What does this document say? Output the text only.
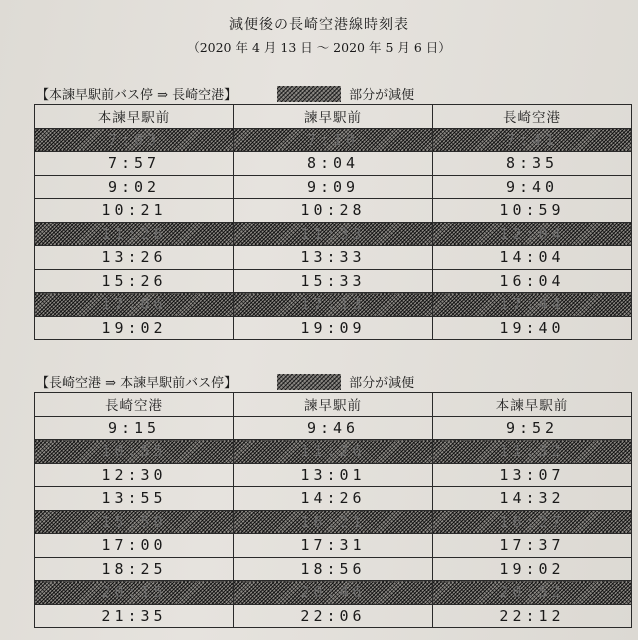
減便後の長崎空港線時刻表
（2020 年 4 月 13 日 〜 2020 年 5 月 6 日）
【本諫早駅前バス停 ⇒ 長崎空港】	部分が減便
本諫早駅前	諫早駅前	長崎空港
7:03	7:10	7:41
7:57	8:04	8:35
9:02	9:09	9:40
10:21	10:28	10:59
11:26	11:33	12:04
13:26	13:33	14:04
15:26	15:33	16:04
17:06	17:13	17:44
19:02	19:09	19:40
【長崎空港 ⇒ 本諫早駅前バス停】	部分が減便
長崎空港	諫早駅前	本諫早駅前
9:15	9:46	9:52
10:55	11:26	11:32
12:30	13:01	13:07
13:55	14:26	14:32
15:50	16:21	16:27
17:00	17:31	17:37
18:25	18:56	19:02
20:15	20:46	20:52
21:35	22:06	22:12
